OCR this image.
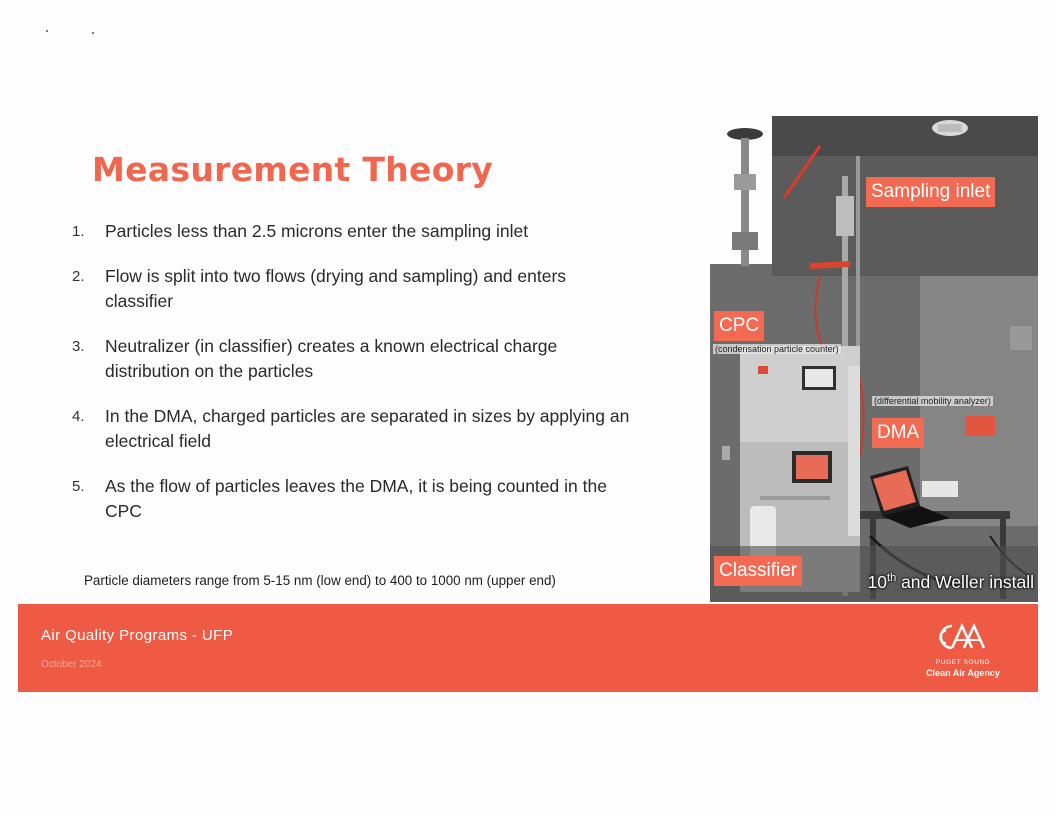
Measurement Theory
1.	Particles less than 2.5 microns enter the sampling inlet
2.	Flow is split into two flows (drying and sampling) and enters classifier
3.	Neutralizer (in classifier) creates a known electrical charge distribution on the particles
4.	In the DMA, charged particles are separated in sizes by applying an electrical field
5.	As the flow of particles leaves the DMA, it is being counted in the CPC
Particle diameters range from 5-15 nm (low end) to 400 to 1000 nm (upper end)
Sampling inlet
CPC
(condensation particle counter)
(differential mobility analyzer)
DMA
Classifier
10th and Weller install
Air Quality Programs - UFP
October 2024	PUGET SOUND
Clean Air Agency
